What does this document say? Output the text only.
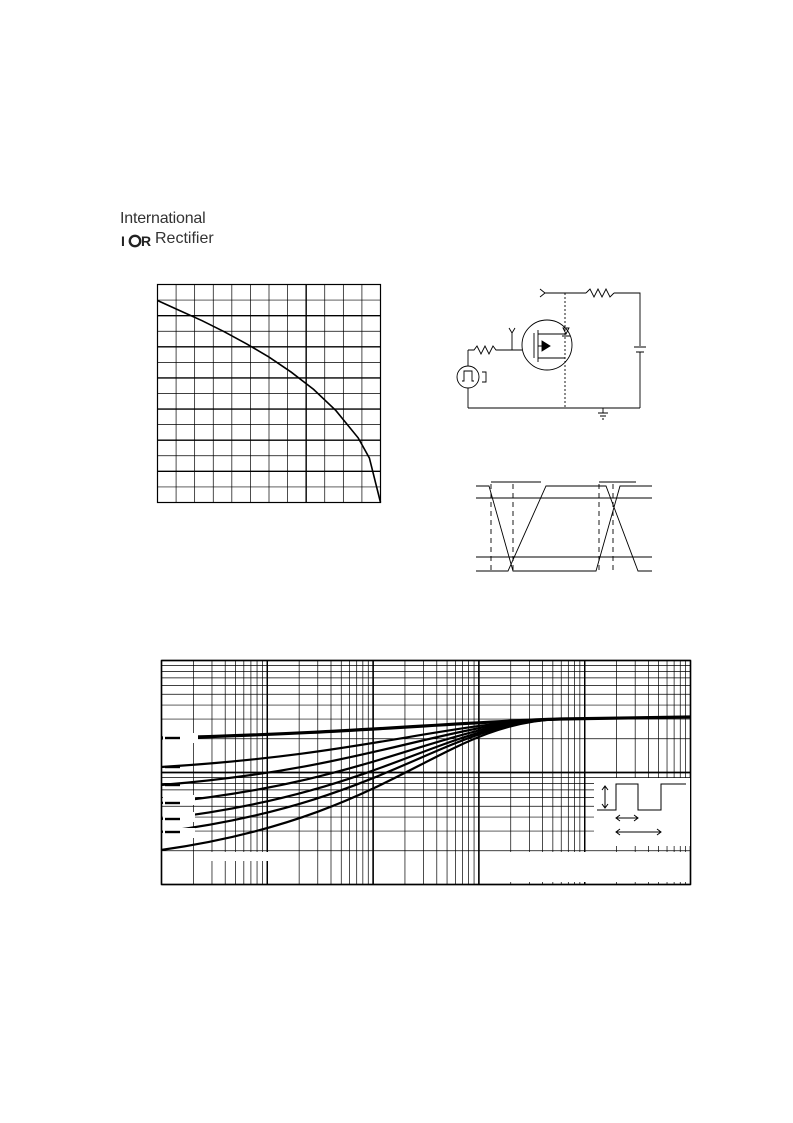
International
I R Rectifier
